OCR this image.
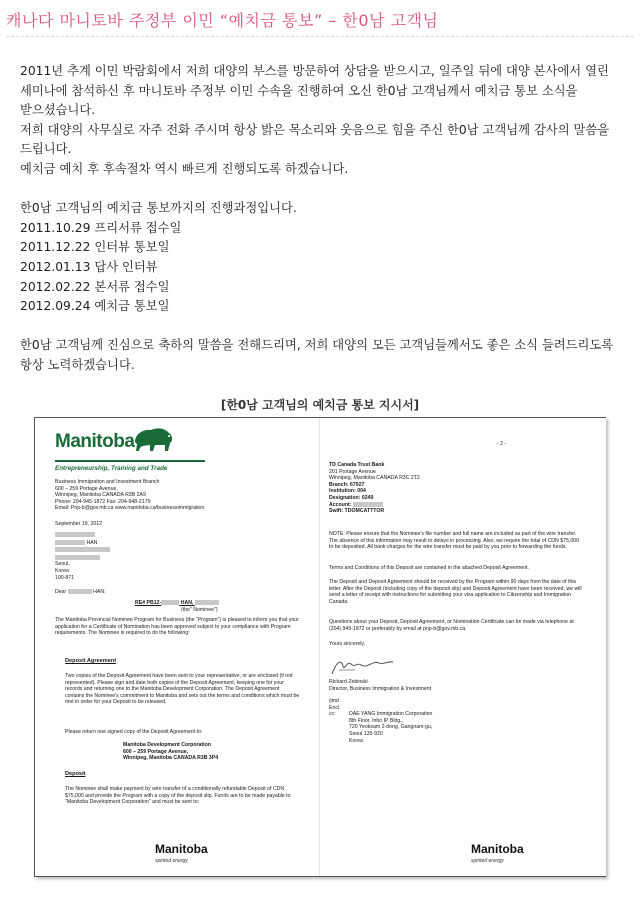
캐나다 마니토바 주정부 이민 “예치금 통보” – 한0남 고객님

2011년 추계 이민 박람회에서 저희 대양의 부스를 방문하여 상담을 받으시고, 일주일 뒤에 대양 본사에서 열린

세미나에 참석하신 후 마니토바 주정부 이민 수속을 진행하여 오신 한0남 고객님께서 예치금 통보 소식을

받으셨습니다.

저희 대양의 사무실로 자주 전화 주시며 항상 밝은 목소리와 웃음으로 힘을 주신 한0남 고객님께 감사의 말씀을

드립니다.

예치금 예치 후 후속절차 역시 빠르게 진행되도록 하겠습니다.

한0남 고객님의 예치금 통보까지의 진행과정입니다.

2011.10.29 프리서류 접수일

2011.12.22 인터뷰 통보일

2012.01.13 답사 인터뷰

2012.02.22 본서류 접수일

2012.09.24 예치금 통보일

한0남 고객님께 진심으로 축하의 말씀을 전해드리며, 저희 대양의 모든 고객님들께서도 좋은 소식 들려드리도록

항상 노력하겠습니다.

[한0남 고객님의 예치금 통보 지시서]
Manitoba
Entrepreneurship, Training and Trade
Business Immigration and Investment Branch
600 – 259 Portage Avenue,
Winnipeg, Manitoba CANADA R3B 2A9
Phone: 204-945-1872 Fax: 204-948-2179
Email: Pnp-b@gov.mb.ca www.manitoba.ca/businessimmigration
September 19, 2012
HAN
Seoul,
Korea
100-871
Dear	HAN:
RE# PB12-	HAN,
(the" Nominee")
The Manitoba Provincial Nominee Program for Business (the “Program”) is pleased to inform you that your application for a Certificate of Nomination has been approved subject to your compliance with Program requirements. The Nominee is required to do the following:
Deposit Agreement
Two copies of the Deposit Agreement have been sent to your representative, or are enclosed (if not represented). Please sign and date both copies of the Deposit Agreement; keeping one for your records and returning one to the Manitoba Development Corporation. The Deposit Agreement contains the Nominee's commitment to Manitoba and sets out the terms and conditions which must be met in order for your Deposit to be released.
Please return one signed copy of the Deposit Agreement to:
Manitoba Development Corporation
600 – 259 Portage Avenue,
Winnipeg, Manitoba CANADA R3B 3P4
Deposit
The Nominee shall make payment by wire transfer of a conditionally refundable Deposit of CDN $75,000 and provide the Program with a copy of the deposit slip. Funds are to be made payable to "Manitoba Development Corporation" and must be sent to:
Manitoba
spirited energy
- 2 -
TD Canada Trust Bank
201 Portage Avenue
Winnipeg, Manitoba CANADA R3C 2T2
Branch: 67927
Institution: 004
Designation: 0249
Account:
Swift: TDOMCATTTOR
NOTE: Please ensure that the Nominee's file number and full name are included as part of the wire transfer. The absence of this information may result in delays in processing. Also, we require the total of CDN $75,000 to be deposited. All bank charges for the wire transfer must be paid by you prior to forwarding the funds.
Terms and Conditions of this Deposit are contained in the attached Deposit Agreement.
The Deposit and Deposit Agreement should be received by the Program within 90 days from the date of this letter. After the Deposit (including copy of the deposit slip) and Deposit Agreement have been received, we will send a letter of receipt with instructions for submitting your visa application to Citizenship and Immigration Canada.
Questions about your Deposit, Deposit Agreement, or Nomination Certificate can be made via telephone at (204) 945-1872 or preferably by email at pnp-b@gov.mb.ca.
Yours sincerely,
Richard Zebinski
Director, Business Immigration & Investment
/jmd
Encl.
cc:	DAE YANG Immigration Corporation
8th Floor, Inho IP Bldg.,
720 Yeoksam 2-dong, Gangnam-gu,
Seoul 135-920
Korea
Manitoba
spirited energy
